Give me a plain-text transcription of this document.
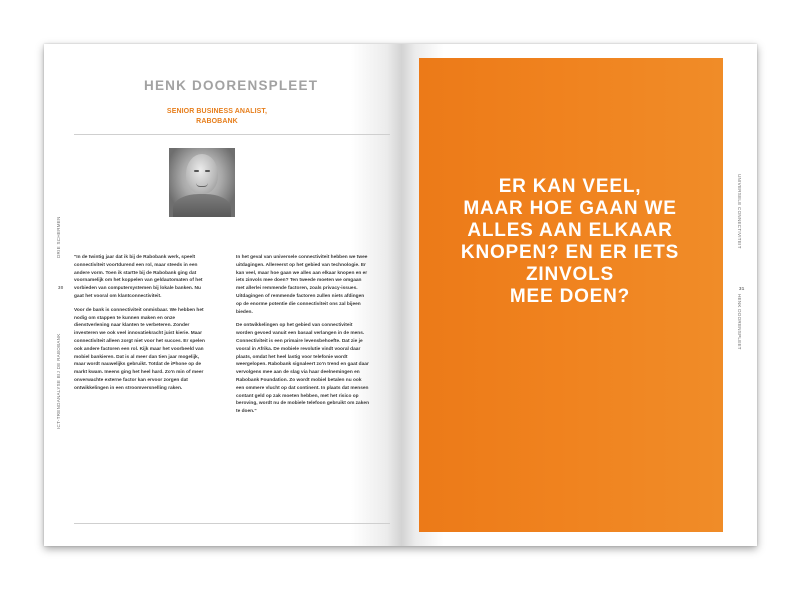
HENK DOORENSPLEET
SENIOR BUSINESS ANALIST,
RABOBANK

"In de twintig jaar dat ik bij de Rabobank werk, speelt connectiviteit voortdurend een rol, maar steeds in een andere vorm. Toen ik startte bij de Rabobank ging dat voornamelijk om het koppelen van geldautomaten of het vorbieden van computersystemen bij lokale banken. Nu gaat het vooral om klantconnectiviteit.

Voor de bank is connectiviteit onmisbaar. We hebben het nodig om stappen te kunnen maken en onze dienstverlening naar klanten te verbeteren. Zonder investeren we ook veel innovatiekracht juist kierie. Maar connectiviteit alleen zorgt niet voor het succes. Er spelen ook andere factoren een rol. Kijk maar het voorbeeld van mobiel bankieren. Dat is al meer dan tien jaar mogelijk, maar wordt nauwelijks gebruikt. Totdat de iPhone op de markt kwam. Ineens ging het heel hard. Zo'n min of meer onverwachte externe factor kan ervoor zorgen dat ontwikkelingen in een stroomversnelling raken.

In het geval van universele connectiviteit hebben we twee uitdagingen. Allereerst op het gebied van technologie. Er kan veel, maar hoe gaan we alles aan elkaar knopen en er iets zinvols mee doen? Ten tweede moeten we omgaan met allerlei remmende factoren, zoals privacy-issues. Uitdagingen of remmende factoren zullen niets afdingen op de enorme potentie die connectiviteit ons zal bijeen bieden.

De ontwikkelingen op het gebied van connectiviteit worden gevoed vanuit een basaal verlangen in de mens. Connectiviteit is een primaire levensbehoefte. Dat zie je vooral in Afrika. De mobiele revolutie vindt vooral daar plaats, omdat het heel lastig voor telefonie wordt weergelopen. Rabobank signaleert zo'n trend en gaat daar vervolgens mee aan de slag via haar deelnemingen en Rabobank Foundation. Zo wordt mobiel betalen nu ook een ommere vlucht op dat continent. In plaats dat mensen contant geld op zak moeten hebben, met het risico op beroving, wordt nu de mobiele telefoon gebruikt om zaken te doen."

DRIE SCHERMEN
30
ICT-TRENDANALYSE BIJ DE RABOBANK
ER KAN VEEL,
MAAR HOE GAAN WE
ALLES AAN ELKAAR
KNOPEN? EN ER IETS
ZINVOLS
MEE DOEN?
UNIVERSELE CONNECTIVITEIT
31
HENK DOORENSPLEET
